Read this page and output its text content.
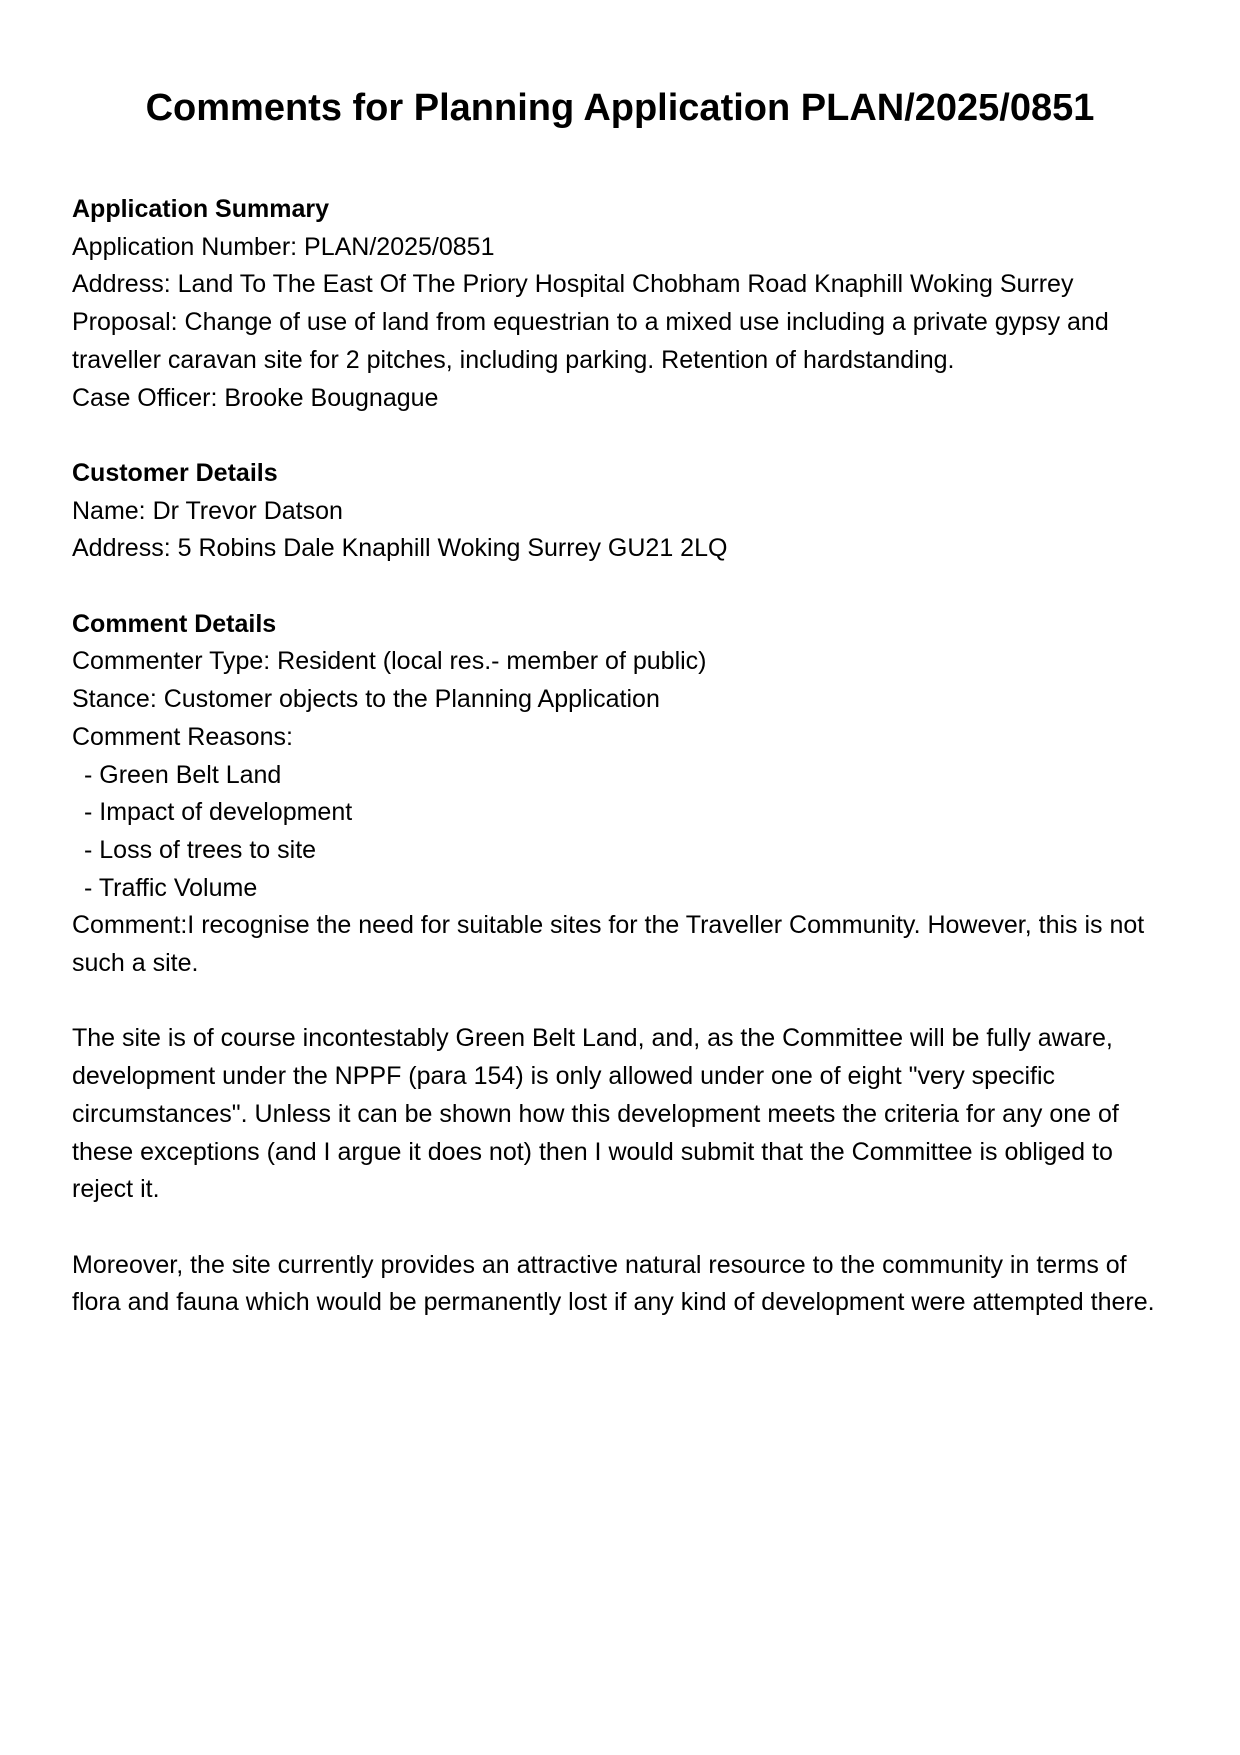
Comments for Planning Application PLAN/2025/0851
Application Summary
Application Number: PLAN/2025/0851
Address: Land To The East Of The Priory Hospital Chobham Road Knaphill Woking Surrey
Proposal: Change of use of land from equestrian to a mixed use including a private gypsy and traveller caravan site for 2 pitches, including parking. Retention of hardstanding.
Case Officer: Brooke Bougnague
Customer Details
Name: Dr Trevor Datson
Address: 5 Robins Dale Knaphill Woking Surrey GU21 2LQ
Comment Details
Commenter Type: Resident (local res.- member of public)
Stance: Customer objects to the Planning Application
Comment Reasons:
- Green Belt Land
- Impact of development
- Loss of trees to site
- Traffic Volume

Comment:I recognise the need for suitable sites for the Traveller Community. However, this is not such a site.

The site is of course incontestably Green Belt Land, and, as the Committee will be fully aware, development under the NPPF (para 154) is only allowed under one of eight "very specific circumstances". Unless it can be shown how this development meets the criteria for any one of these exceptions (and I argue it does not) then I would submit that the Committee is obliged to reject it.

Moreover, the site currently provides an attractive natural resource to the community in terms of flora and fauna which would be permanently lost if any kind of development were attempted there.
